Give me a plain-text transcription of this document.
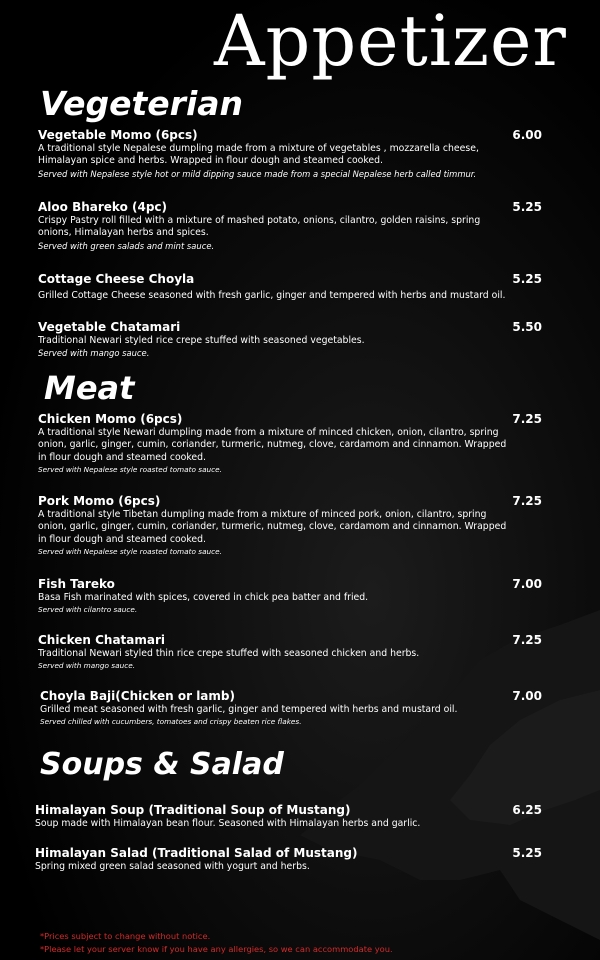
Appetizer
Vegeterian
Vegetable Momo (6pcs)	6.00
A traditional style Nepalese dumpling made from a mixture of vegetables , mozzarella cheese, Himalayan spice and herbs. Wrapped in flour dough and steamed cooked.
Served with Nepalese style hot or mild dipping sauce made from a special Nepalese herb called timmur.
Aloo Bhareko (4pc)	5.25
Crispy Pastry roll filled with a mixture of mashed potato, onions, cilantro, golden raisins, spring onions, Himalayan herbs and spices.
Served with green salads and mint sauce.
Cottage Cheese Choyla	5.25
Grilled Cottage Cheese seasoned with fresh garlic, ginger and tempered with herbs and mustard oil.
Vegetable Chatamari	5.50
Traditional Newari styled rice crepe stuffed with seasoned vegetables.
Served with mango sauce.
Meat
Chicken Momo (6pcs)	7.25
A traditional style Newari dumpling made from a mixture of minced chicken, onion, cilantro, spring onion, garlic, ginger, cumin, coriander, turmeric, nutmeg, clove, cardamom and cinnamon. Wrapped in flour dough and steamed cooked.
Served with Nepalese style roasted tomato sauce.
Pork Momo (6pcs)	7.25
A traditional style Tibetan dumpling made from a mixture of minced pork, onion, cilantro, spring onion, garlic, ginger, cumin, coriander, turmeric, nutmeg, clove, cardamom and cinnamon. Wrapped in flour dough and steamed cooked.
Served with Nepalese style roasted tomato sauce.
Fish Tareko	7.00
Basa Fish marinated with spices, covered in chick pea batter and fried.
Served with cilantro sauce.
Chicken Chatamari	7.25
Traditional Newari styled thin rice crepe stuffed with seasoned chicken and herbs.
Served with mango sauce.
Choyla Baji(Chicken or lamb)	7.00
Grilled meat seasoned with fresh garlic, ginger and tempered with herbs and mustard oil.
Served chilled with cucumbers, tomatoes and crispy beaten rice flakes.
Soups & Salad
Himalayan Soup (Traditional Soup of Mustang)	6.25
Soup made with Himalayan bean flour. Seasoned with Himalayan herbs and garlic.
Himalayan Salad (Traditional Salad of Mustang)	5.25
Spring mixed green salad seasoned with yogurt and herbs.
*Prices subject to change without notice.
*Please let your server know if you have any allergies, so we can accommodate you.
